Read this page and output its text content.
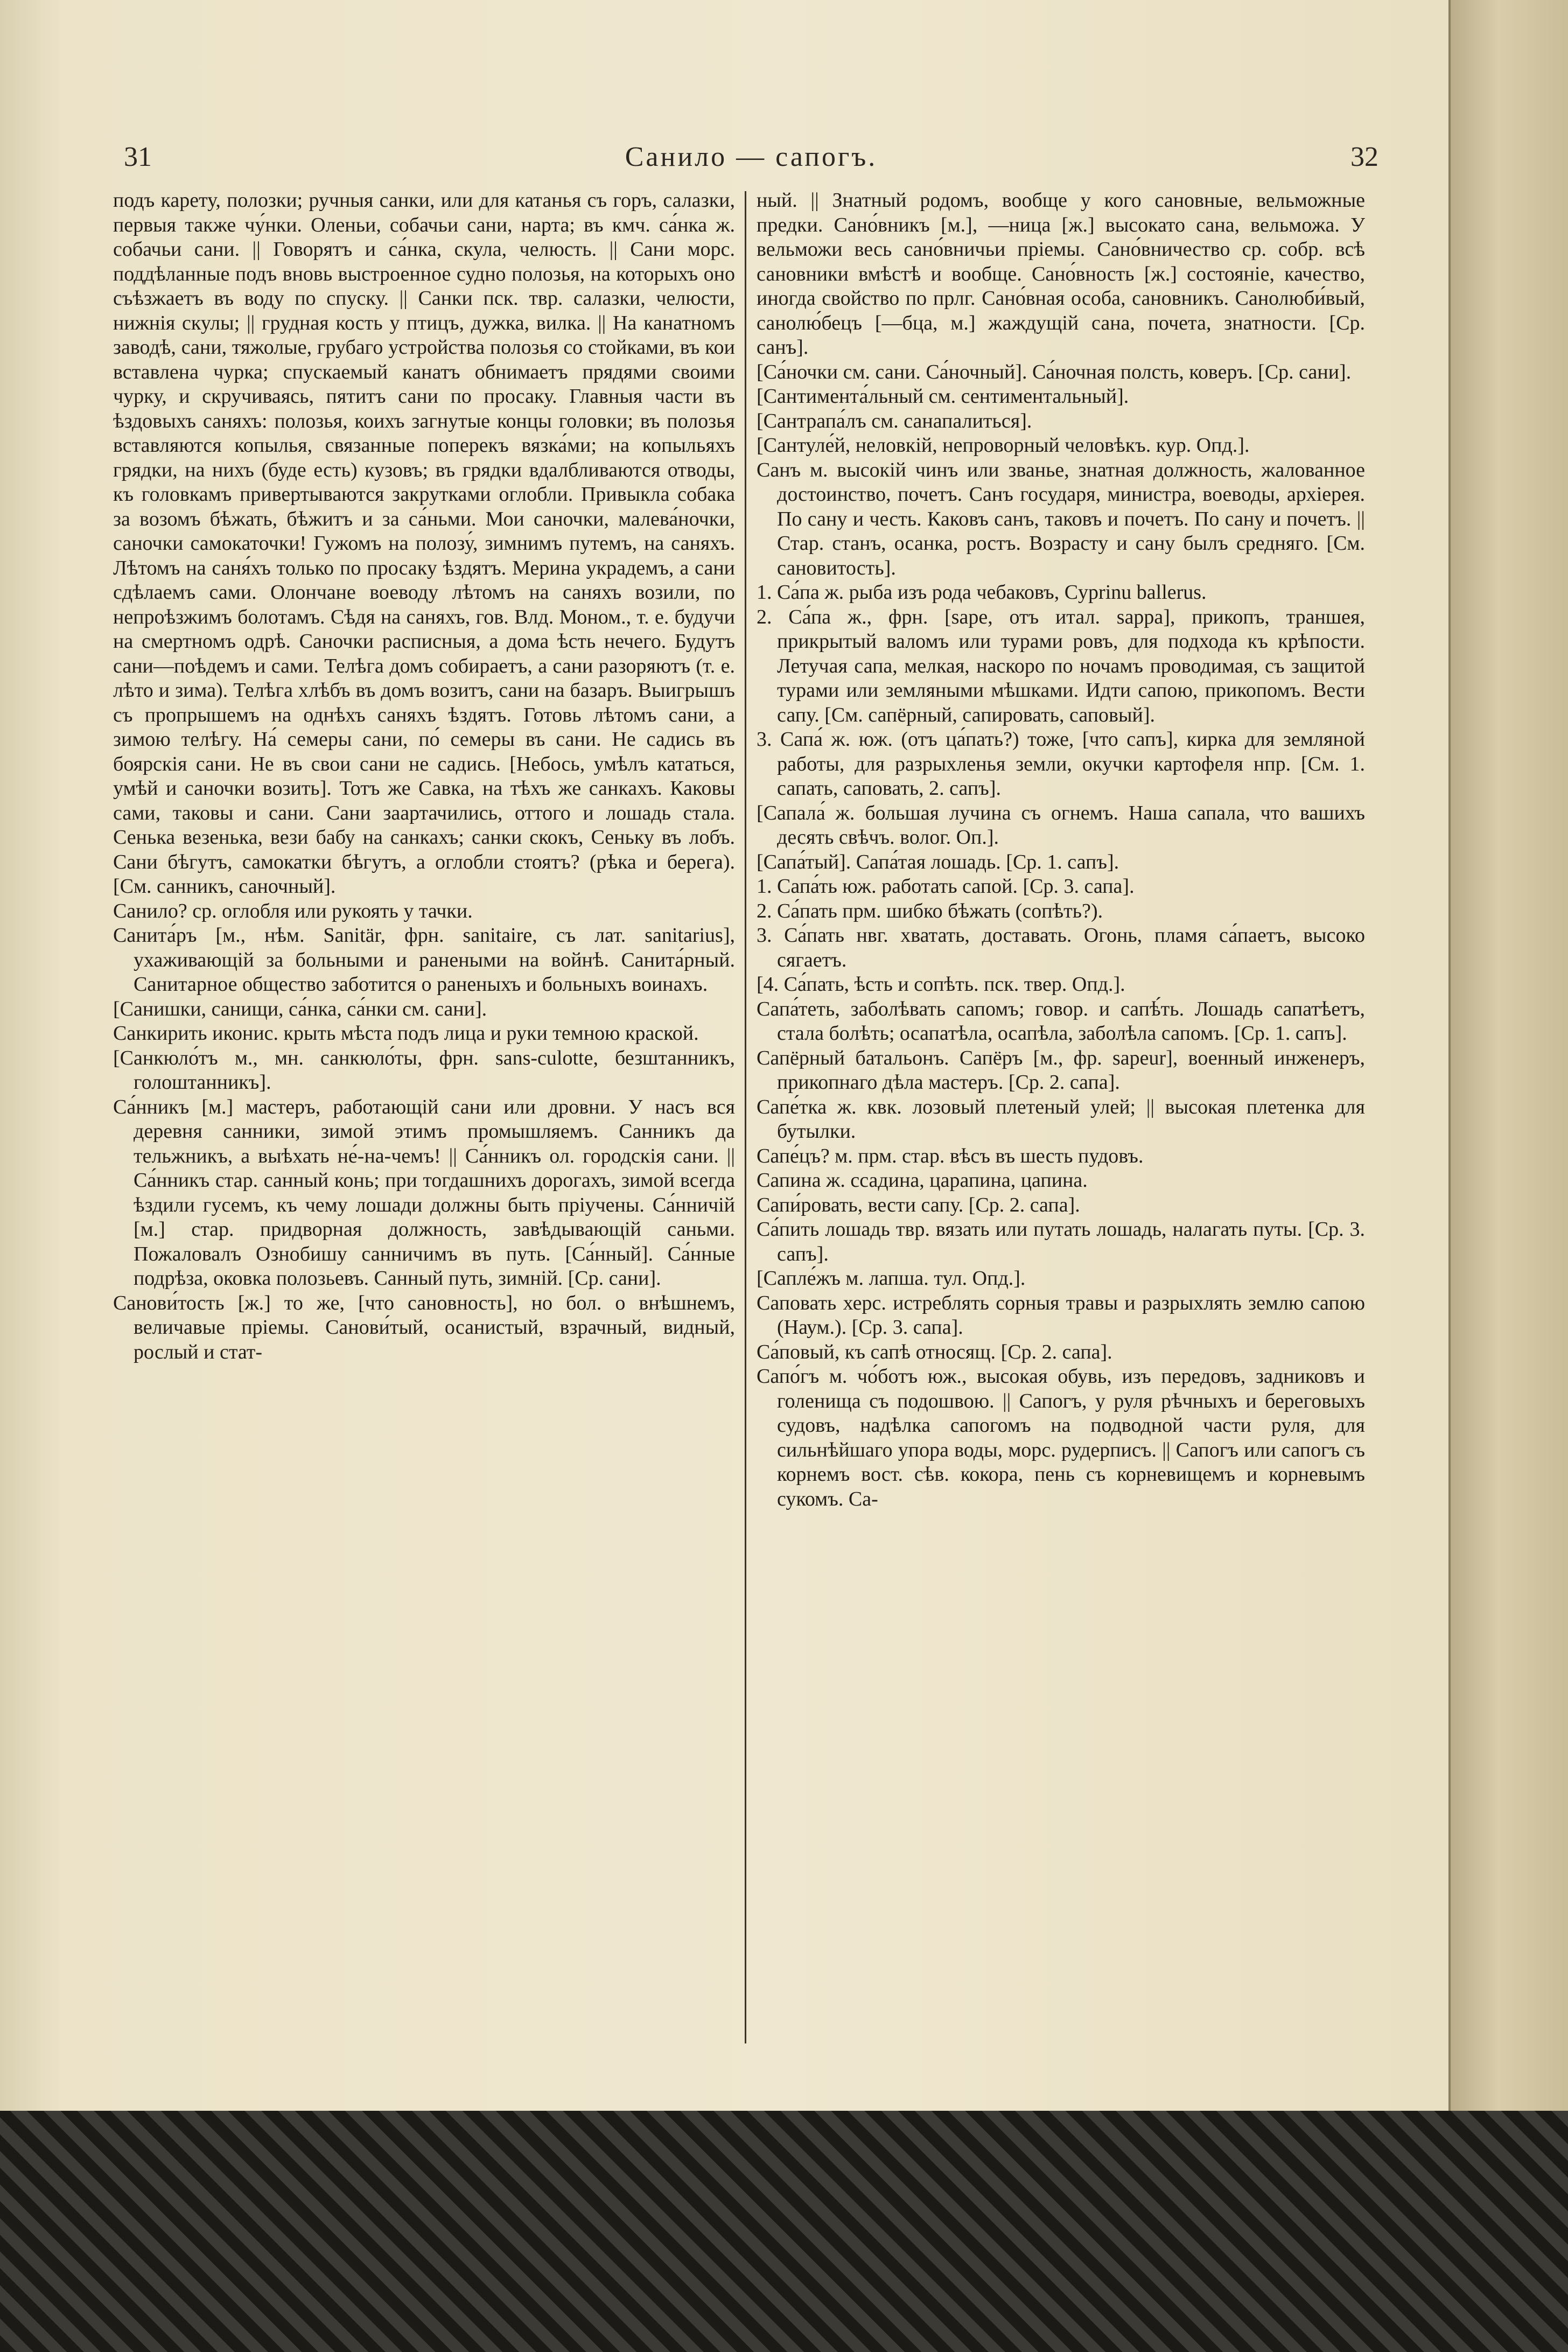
31	Санило — сапогъ.	32

подъ карету, полозки; ручныя санки, или для катанья съ горъ, салазки, первыя также чу́нки. Оленьи, собачьи сани, нарта; въ кмч. са́нка ж. собачьи сани. || Говорятъ и са́нка, скула, челюсть. || Сани морс. поддѣланные подъ вновь выстроенное судно полозья, на которыхъ оно съѣзжаетъ въ воду по спуску. || Санки пск. твр. салазки, челюсти, нижнія скулы; || грудная кость у птицъ, дужка, вилка. || На канатномъ заводѣ, сани, тяжолые, грубаго устройства полозья со стойками, въ кои вставлена чурка; спускаемый канатъ обнимаетъ прядями своими чурку, и скручиваясь, пятитъ сани по просаку. Главныя части въ ѣздовыхъ саняхъ: полозья, коихъ загнутые концы головки; въ полозья вставляются копылья, связанные поперекъ вязка́ми; на копыльяхъ грядки, на нихъ (буде есть) кузовъ; въ грядки вдалбливаются отводы, къ головкамъ привертываются закрутками оглобли. Привыкла собака за возомъ бѣжать, бѣжитъ и за са́ньми. Мои саночки, малева́ночки, саночки самокаточки! Гужомъ на полозу́, зимнимъ путемъ, на саняхъ. Лѣтомъ на саня́хъ только по просаку ѣздятъ. Мерина украдемъ, а сани сдѣлаемъ сами. Олончане воеводу лѣтомъ на саняхъ возили, по непроѣзжимъ болотамъ. Сѣдя на саняхъ, гов. Влд. Моном., т. е. будучи на смертномъ одрѣ. Саночки расписныя, а дома ѣсть нечего. Будутъ сани—поѣдемъ и сами. Телѣга домъ собираетъ, а сани разоряютъ (т. е. лѣто и зима). Телѣга хлѣбъ въ домъ возитъ, сани на базаръ. Выигрышъ съ пропрышемъ на однѣхъ саняхъ ѣздятъ. Готовь лѣтомъ сани, а зимою телѣгу. На́ семеры сани, по́ семеры въ сани. Не садись въ боярскія сани. Не въ свои сани не садись. [Небось, умѣлъ кататься, умѣй и саночки возить]. Тотъ же Савка, на тѣхъ же санкахъ. Каковы сами, таковы и сани. Сани заартачились, оттого и лошадь стала. Сенька везенька, вези бабу на санкахъ; санки скокъ, Сеньку въ лобъ. Сани бѣгутъ, самокатки бѣгутъ, а оглобли стоятъ? (рѣка и берега). [См. санникъ, саночный].

Санило? ср. оглобля или рукоять у тачки.

Санита́ръ [м., нѣм. Sanitär, фрн. sanitaire, съ лат. sanitarius], ухаживающій за больными и ранеными на войнѣ. Санита́рный. Санитарное общество заботится о раненыхъ и больныхъ воинахъ.

[Санишки, санищи, са́нка, са́нки см. сани].

Санкирить иконис. крыть мѣста подъ лица и руки темною краской.

[Санкюло́тъ м., мн. санкюло́ты, фрн. sans-culotte, безштанникъ, голоштанникъ].

Са́нникъ [м.] мастеръ, работающій сани или дровни. У насъ вся деревня санники, зимой этимъ промышляемъ. Санникъ да тельжникъ, а выѣхать не́-на-чемъ! || Са́нникъ ол. городскія сани. || Са́нникъ стар. санный конь; при тогдашнихъ дорогахъ, зимой всегда ѣздили гусемъ, къ чему лошади должны быть пріучены. Са́нничій [м.] стар. придворная должность, завѣдывающій саньми. Пожаловалъ Ознобишу санничимъ въ путь. [Са́нный]. Са́нные подрѣза, оковка полозьевъ. Санный путь, зимній. [Ср. сани].

Санови́тость [ж.] то же, [что сановность], но бол. о внѣшнемъ, величавые пріемы. Санови́тый, осанистый, взрачный, видный, рослый и стат-

ный. || Знатный родомъ, вообще у кого сановные, вельможные предки. Сано́вникъ [м.], —ница [ж.] высокато сана, вельможа. У вельможи весь сано́вничьи пріемы. Сано́вничество ср. собр. всѣ сановники вмѣстѣ и вообще. Сано́вность [ж.] состояніе, качество, иногда свойство по прлг. Сано́вная особа, сановникъ. Санолюби́вый, санолю́бецъ [—бца, м.] жаждущій сана, почета, знатности. [Ср. санъ].

[Са́ночки см. сани. Са́ночный]. Са́ночная полсть, коверъ. [Ср. сани].

[Сантимента́льный см. сентиментальный].

[Сантрапа́лъ см. санапалиться].

[Сантуле́й, неловкій, непроворный человѣкъ. кур. Опд.].

Санъ м. высокій чинъ или званье, знатная должность, жалованное достоинство, почетъ. Санъ государя, министра, воеводы, архіерея. По сану и честь. Каковъ санъ, таковъ и почетъ. По сану и почетъ. || Стар. станъ, осанка, ростъ. Возрасту и сану былъ средняго. [См. сановитость].

1. Са́па ж. рыба изъ рода чебаковъ, Cyprinu bаllerus.

2. Са́па ж., фрн. [sape, отъ итал. sappa], прикопъ, траншея, прикрытый валомъ или турами ровъ, для подхода къ крѣпости. Летучая сапа, мелкая, наскоро по ночамъ проводимая, съ защитой турами или земляными мѣшками. Идти сапою, прикопомъ. Вести сапу. [См. сапёрный, сапировать, саповый].

3. Сапа́ ж. юж. (отъ ца́пать?) тоже, [что сапъ], кирка для земляной работы, для разрыхленья земли, окучки картофеля нпр. [См. 1. сапать, саповать, 2. сапъ].

[Сапала́ ж. большая лучина съ огнемъ. Наша сапала, что вашихъ десять свѣчъ. волог. Оп.].

[Сапа́тый]. Сапа́тая лошадь. [Ср. 1. сапъ].

1. Сапа́ть юж. работать сапой. [Ср. 3. сапа].

2. Са́пать прм. шибко бѣжать (сопѣть?).

3. Са́пать нвг. хватать, доставать. Огонь, пламя са́паетъ, высоко сягаетъ.

[4. Са́пать, ѣсть и сопѣть. пск. твер. Опд.].

Сапа́теть, заболѣвать сапомъ; говор. и сапѣ́ть. Лошадь сапатѣетъ, стала болѣть; осапатѣла, осапѣла, заболѣла сапомъ. [Ср. 1. сапъ].

Сапёрный батальонъ. Сапёръ [м., фр. sapeur], военный инженеръ, прикопнаго дѣла мастеръ. [Ср. 2. сапа].

Сапе́тка ж. квк. лозовый плетеный улей; || высокая плетенка для бутылки.

Сапе́цъ? м. прм. стар. вѣсъ въ шесть пудовъ.

Сапина ж. ссадина, царапина, цапина.

Сапи́ровать, вести сапу. [Ср. 2. сапа].

Са́пить лошадь твр. вязать или путать лошадь, налагать путы. [Ср. 3. сапъ].

[Сапле́жъ м. лапша. тул. Опд.].

Саповать херс. истреблять сорныя травы и разрыхлять землю сапою (Наум.). [Ср. 3. сапа].

Са́повый, къ сапѣ относящ. [Ср. 2. сапа].

Сапо́гъ м. чо́ботъ юж., высокая обувь, изъ передовъ, задниковъ и голенища съ подошвою. || Сапогъ, у руля рѣчныхъ и береговыхъ судовъ, надѣлка сапогомъ на подводной части руля, для сильнѣйшаго упора воды, морс. рудерписъ. || Сапогъ или сапогъ съ корнемъ вост. сѣв. кокора, пень съ корневищемъ и корневымъ сукомъ. Са-
